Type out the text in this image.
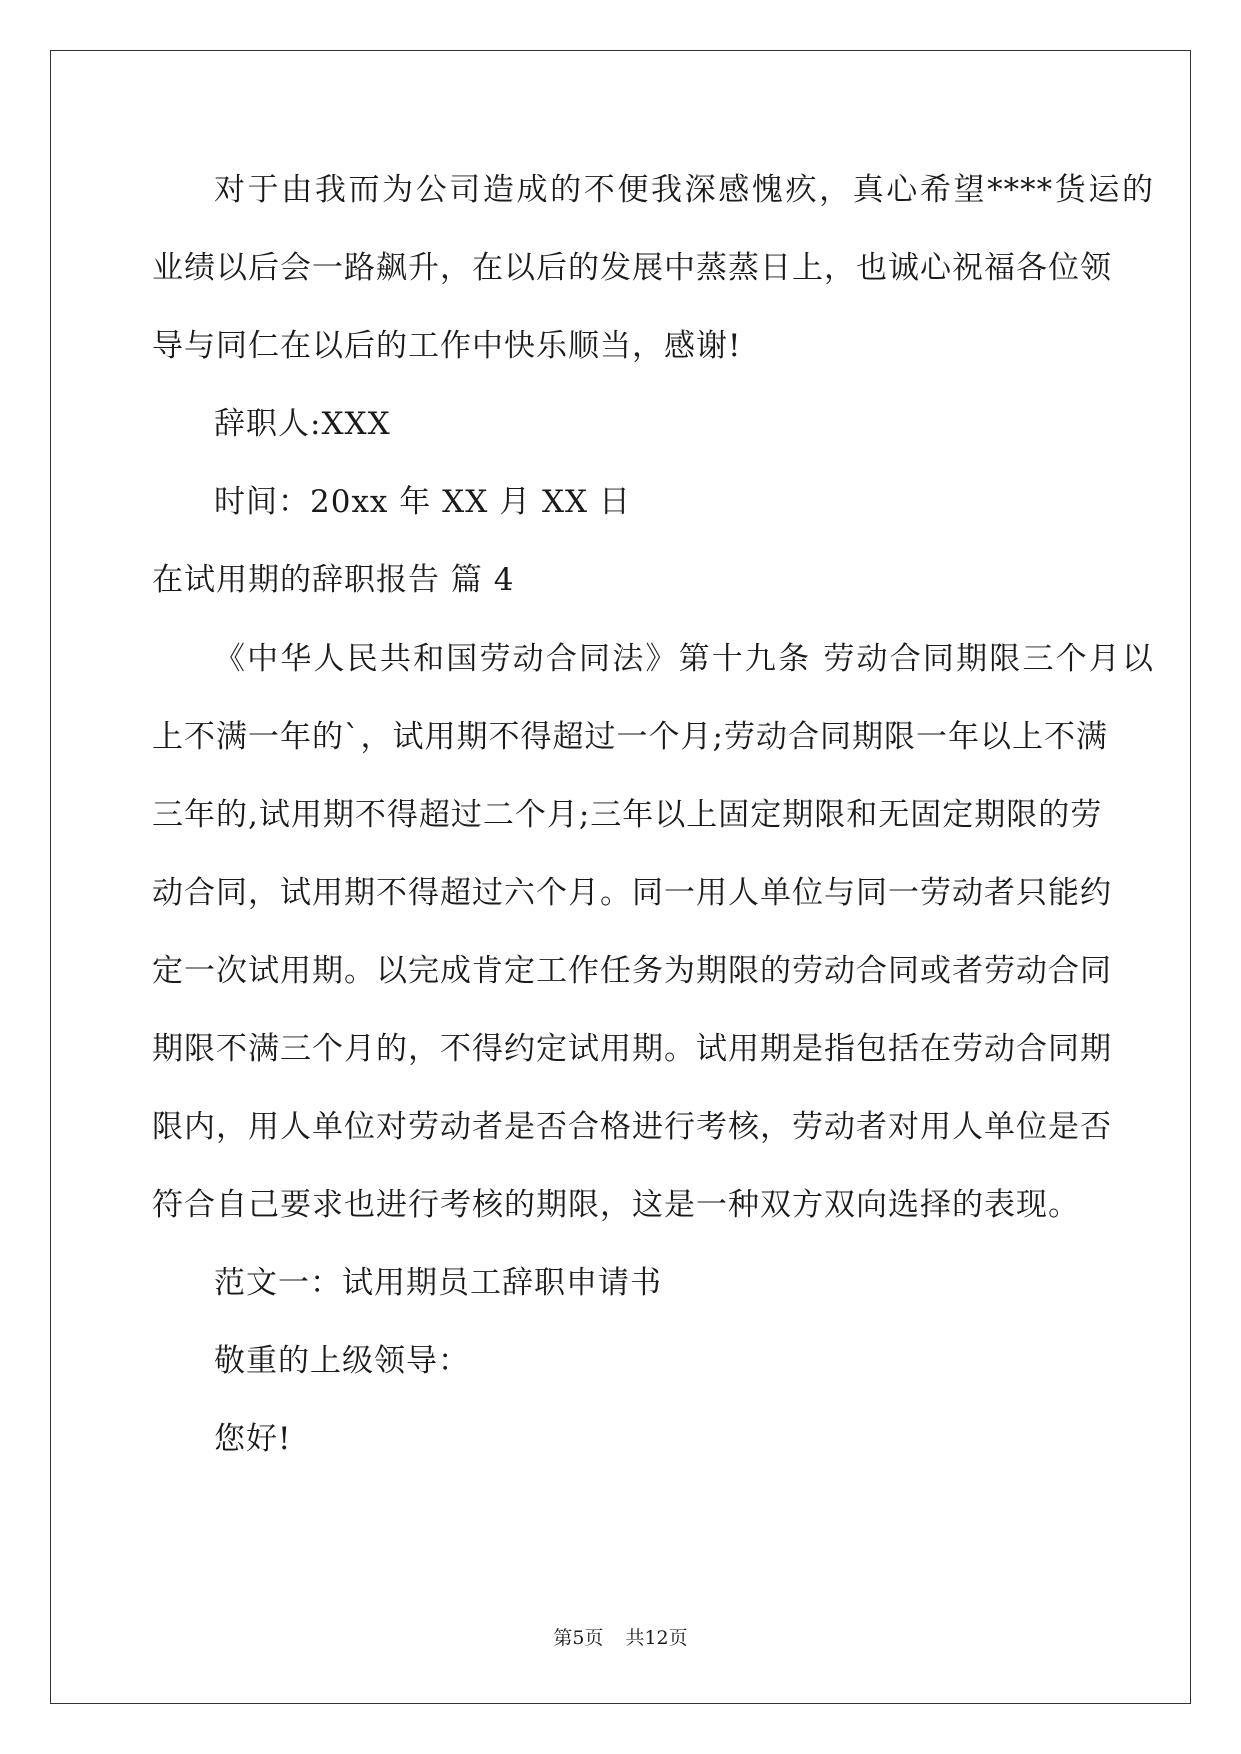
对于由我而为公司造成的不便我深感愧疚，真心希望****货运的
业绩以后会一路飙升，在以后的发展中蒸蒸日上，也诚心祝福各位领
导与同仁在以后的工作中快乐顺当，感谢!
辞职人:XXX
时间：20xx 年 XX 月 XX 日
在试用期的辞职报告 篇 4
《中华人民共和国劳动合同法》第十九条 劳动合同期限三个月以
上不满一年的`，试用期不得超过一个月;劳动合同期限一年以上不满
三年的,试用期不得超过二个月;三年以上固定期限和无固定期限的劳
动合同，试用期不得超过六个月。同一用人单位与同一劳动者只能约
定一次试用期。以完成肯定工作任务为期限的劳动合同或者劳动合同
期限不满三个月的，不得约定试用期。试用期是指包括在劳动合同期
限内，用人单位对劳动者是否合格进行考核，劳动者对用人单位是否
符合自己要求也进行考核的期限，这是一种双方双向选择的表现。
范文一：试用期员工辞职申请书
敬重的上级领导：
您好!
第5页 共12页
